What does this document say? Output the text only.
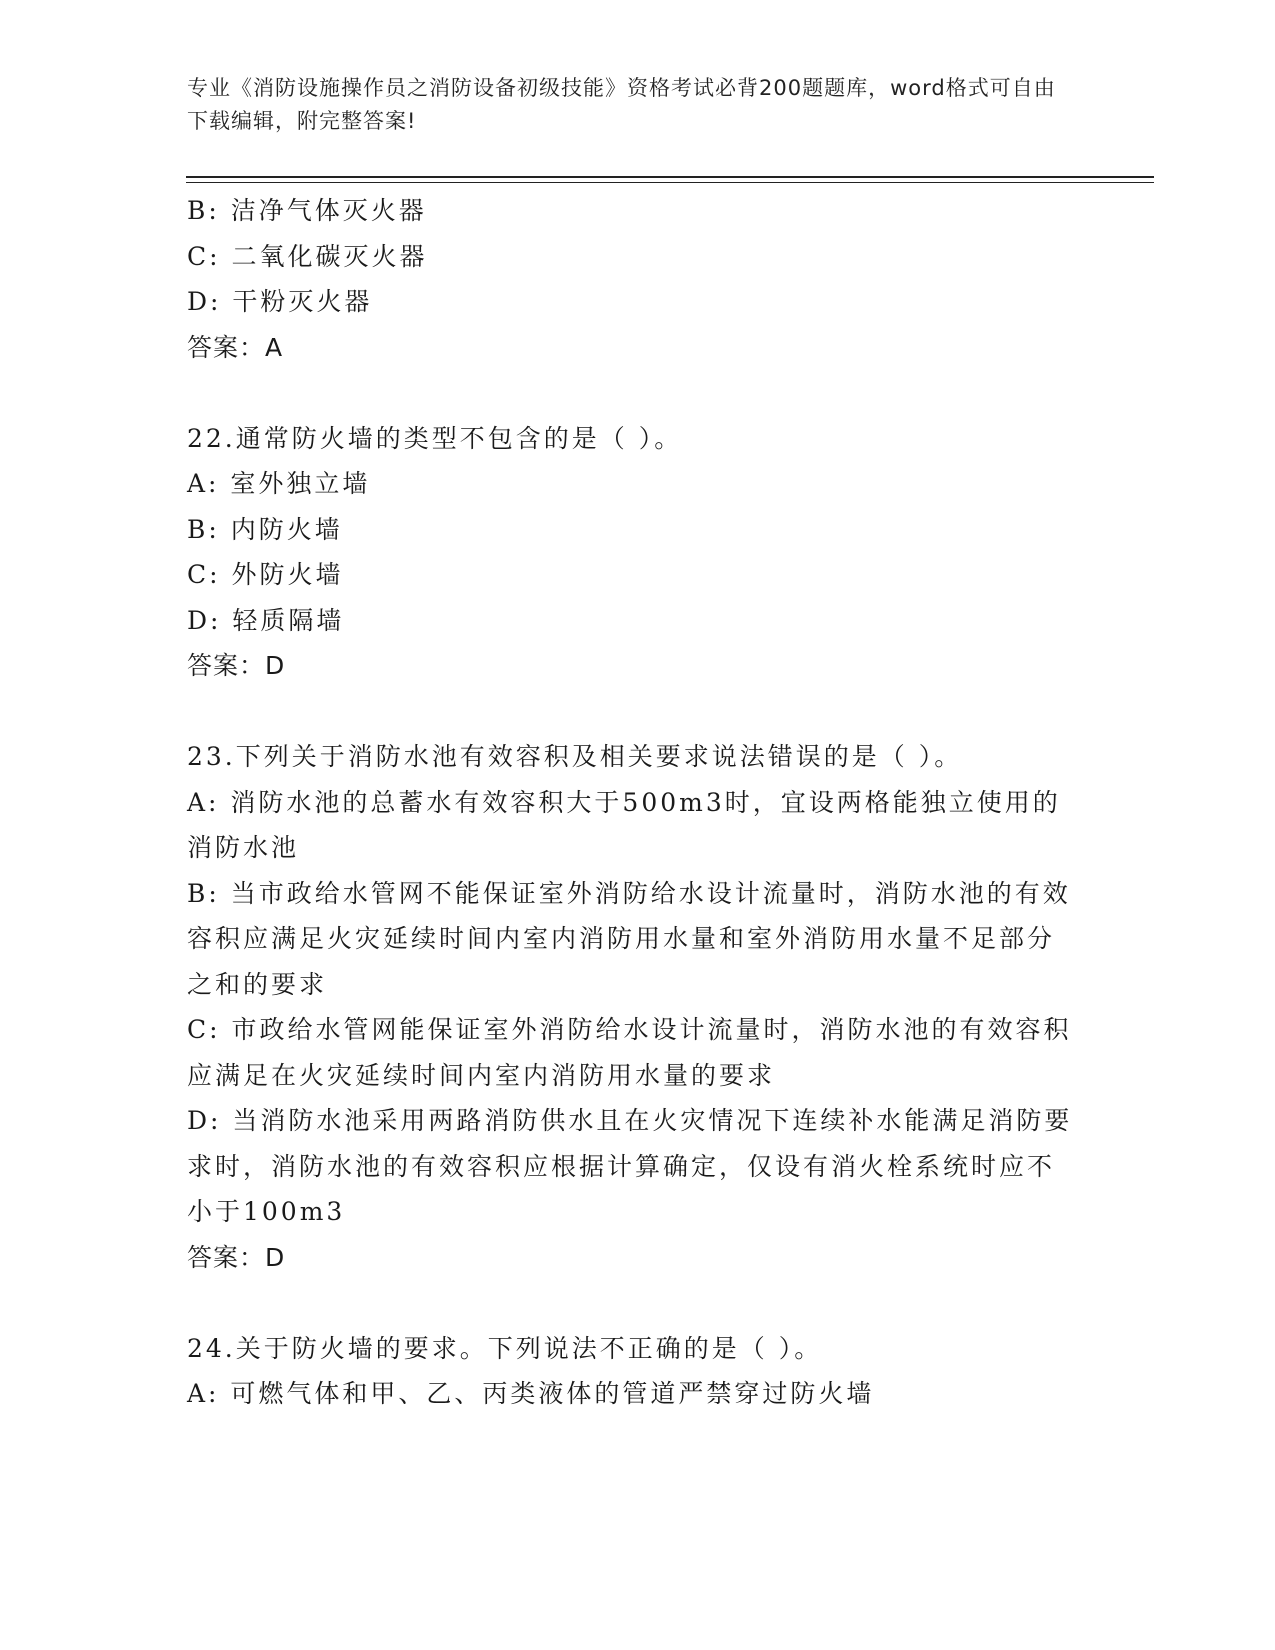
专业《消防设施操作员之消防设备初级技能》资格考试必背200题题库，word格式可自由下载编辑，附完整答案!

B: 洁净气体灭火器

C: 二氧化碳灭火器

D: 干粉灭火器

答案：A

22.通常防火墙的类型不包含的是（ ）。

A: 室外独立墙

B: 内防火墙

C: 外防火墙

D: 轻质隔墙

答案：D

23.下列关于消防水池有效容积及相关要求说法错误的是（ ）。

A: 消防水池的总蓄水有效容积大于500m3时，宜设两格能独立使用的消防水池

B: 当市政给水管网不能保证室外消防给水设计流量时，消防水池的有效容积应满足火灾延续时间内室内消防用水量和室外消防用水量不足部分之和的要求

C: 市政给水管网能保证室外消防给水设计流量时，消防水池的有效容积应满足在火灾延续时间内室内消防用水量的要求

D: 当消防水池采用两路消防供水且在火灾情况下连续补水能满足消防要求时，消防水池的有效容积应根据计算确定，仅设有消火栓系统时应不小于100m3

答案：D

24.关于防火墙的要求。下列说法不正确的是（ ）。

A: 可燃气体和甲、乙、丙类液体的管道严禁穿过防火墙
